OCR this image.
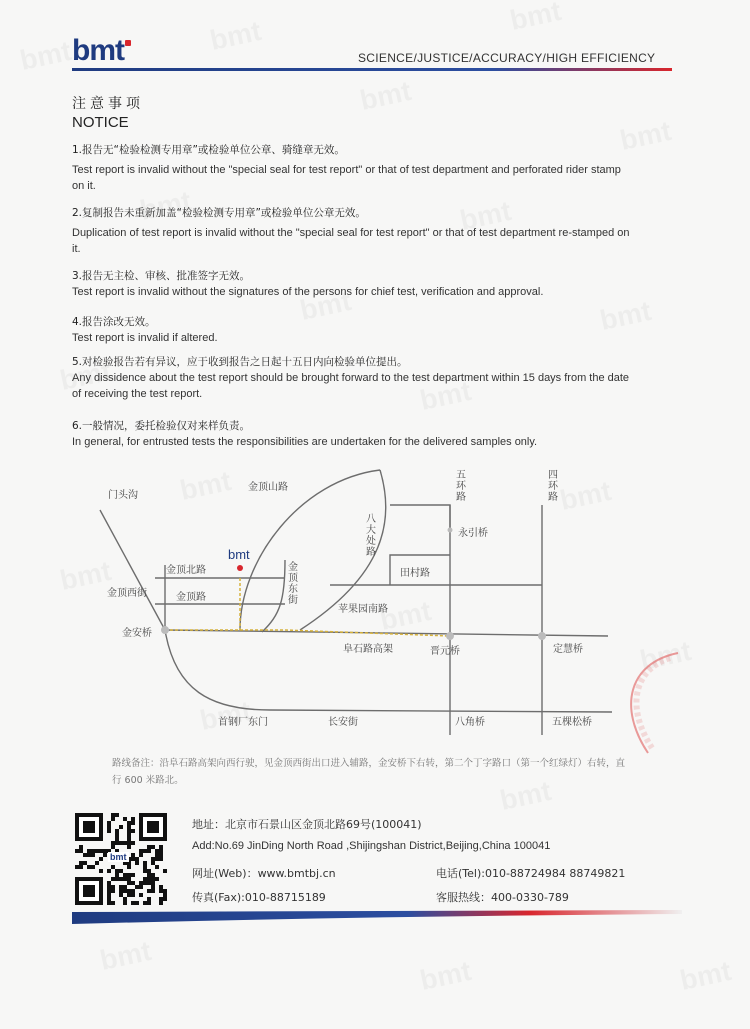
bmt	SCIENCE/JUSTICE/ACCURACY/HIGH EFFICIENCY
注意事项
NOTICE
1.报告无“检验检测专用章”或检验单位公章、骑缝章无效。
Test report is invalid without the "special seal for test report" or that of test department and perforated rider stamp on it.
2.复制报告未重新加盖“检验检测专用章”或检验单位公章无效。
Duplication of test report is invalid without the "special seal for test report" or that of test department re-stamped on it.
3.报告无主检、审核、批准签字无效。
Test report is invalid without the signatures of the persons for chief test, verification and approval.
4.报告涂改无效。
Test report is invalid if altered.
5.对检验报告若有异议，应于收到报告之日起十五日内向检验单位提出。
Any dissidence about the test report should be brought forward to the test department within 15 days from the date of receiving the test report.
6.一般情况，委托检验仅对来样负责。
In general, for entrusted tests the responsibilities are undertaken for the delivered samples only.
门头沟
金顶山路
bmt
金顶北路
金顶路
金顶西街
金安桥
田村路
苹果园南路
阜石路高架	晋元桥	定慧桥
首钢厂东门	长安街	八角桥	五棵松桥
永引桥
五环路
四环路
八大处路
金顶东街
路线备注：沿阜石路高架向西行驶，见金顶西街出口进入辅路，金安桥下右转，第二个丁字路口（第一个红绿灯）右转，直行 600 米路北。
bmt
地址：北京市石景山区金顶北路69号(100041)
Add:No.69 JinDing North Road ,Shijingshan District,Beijing,China 100041
网址(Web)：www.bmtbj.cn	电话(Tel):010-88724984 88749821
传真(Fax):010-88715189	客服热线：400-0330-789
